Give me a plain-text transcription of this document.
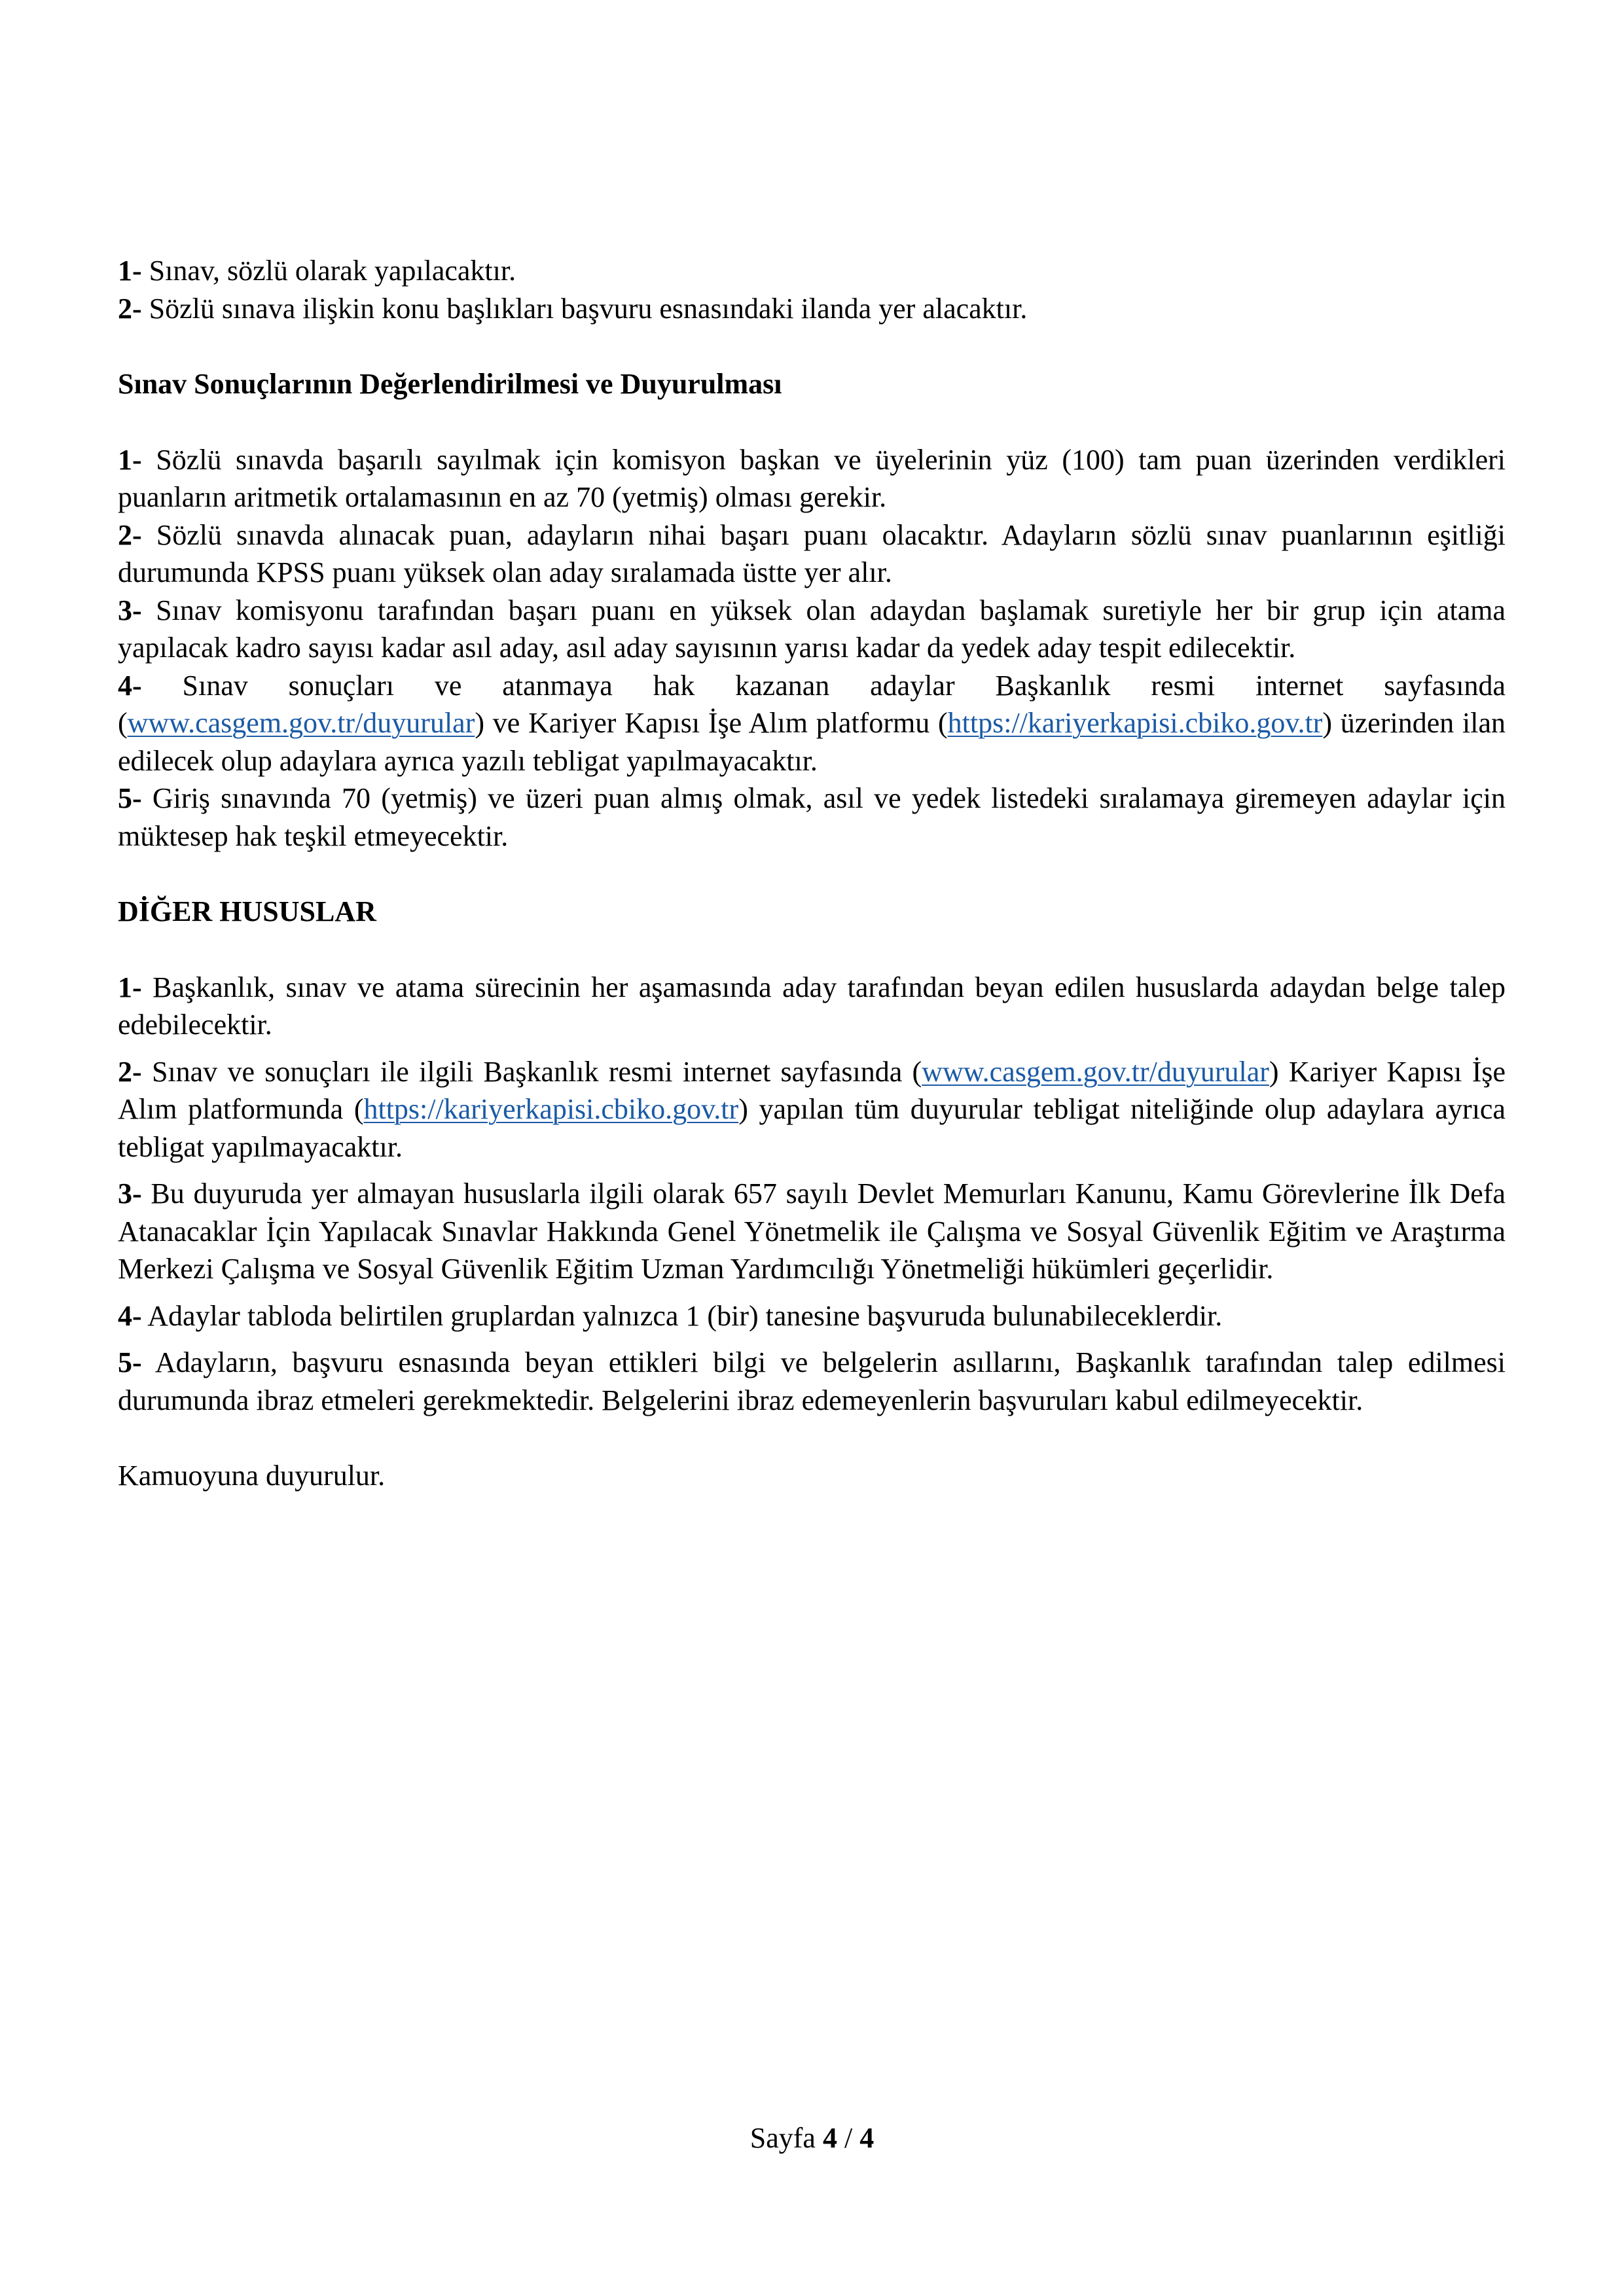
1- Sınav, sözlü olarak yapılacaktır.

2- Sözlü sınava ilişkin konu başlıkları başvuru esnasındaki ilanda yer alacaktır.

Sınav Sonuçlarının Değerlendirilmesi ve Duyurulması

1- Sözlü sınavda başarılı sayılmak için komisyon başkan ve üyelerinin yüz (100) tam puan üzerinden verdikleri puanların aritmetik ortalamasının en az 70 (yetmiş) olması gerekir.

2- Sözlü sınavda alınacak puan, adayların nihai başarı puanı olacaktır. Adayların sözlü sınav puanlarının eşitliği durumunda KPSS puanı yüksek olan aday sıralamada üstte yer alır.

3- Sınav komisyonu tarafından başarı puanı en yüksek olan adaydan başlamak suretiyle her bir grup için atama yapılacak kadro sayısı kadar asıl aday, asıl aday sayısının yarısı kadar da yedek aday tespit edilecektir.

4- Sınav sonuçları ve atanmaya hak kazanan adaylar Başkanlık resmi internet sayfasında (www.casgem.gov.tr/duyurular) ve Kariyer Kapısı İşe Alım platformu (https://kariyerkapisi.cbiko.gov.tr) üzerinden ilan edilecek olup adaylara ayrıca yazılı tebligat yapılmayacaktır.

5- Giriş sınavında 70 (yetmiş) ve üzeri puan almış olmak, asıl ve yedek listedeki sıralamaya giremeyen adaylar için müktesep hak teşkil etmeyecektir.

DİĞER HUSUSLAR

1- Başkanlık, sınav ve atama sürecinin her aşamasında aday tarafından beyan edilen hususlarda adaydan belge talep edebilecektir.

2- Sınav ve sonuçları ile ilgili Başkanlık resmi internet sayfasında (www.casgem.gov.tr/duyurular) Kariyer Kapısı İşe Alım platformunda (https://kariyerkapisi.cbiko.gov.tr) yapılan tüm duyurular tebligat niteliğinde olup adaylara ayrıca tebligat yapılmayacaktır.

3- Bu duyuruda yer almayan hususlarla ilgili olarak 657 sayılı Devlet Memurları Kanunu, Kamu Görevlerine İlk Defa Atanacaklar İçin Yapılacak Sınavlar Hakkında Genel Yönetmelik ile Çalışma ve Sosyal Güvenlik Eğitim ve Araştırma Merkezi Çalışma ve Sosyal Güvenlik Eğitim Uzman Yardımcılığı Yönetmeliği hükümleri geçerlidir.

4- Adaylar tabloda belirtilen gruplardan yalnızca 1 (bir) tanesine başvuruda bulunabileceklerdir.

5- Adayların, başvuru esnasında beyan ettikleri bilgi ve belgelerin asıllarını, Başkanlık tarafından talep edilmesi durumunda ibraz etmeleri gerekmektedir. Belgelerini ibraz edemeyenlerin başvuruları kabul edilmeyecektir.

Kamuoyuna duyurulur.

Sayfa 4 / 4
